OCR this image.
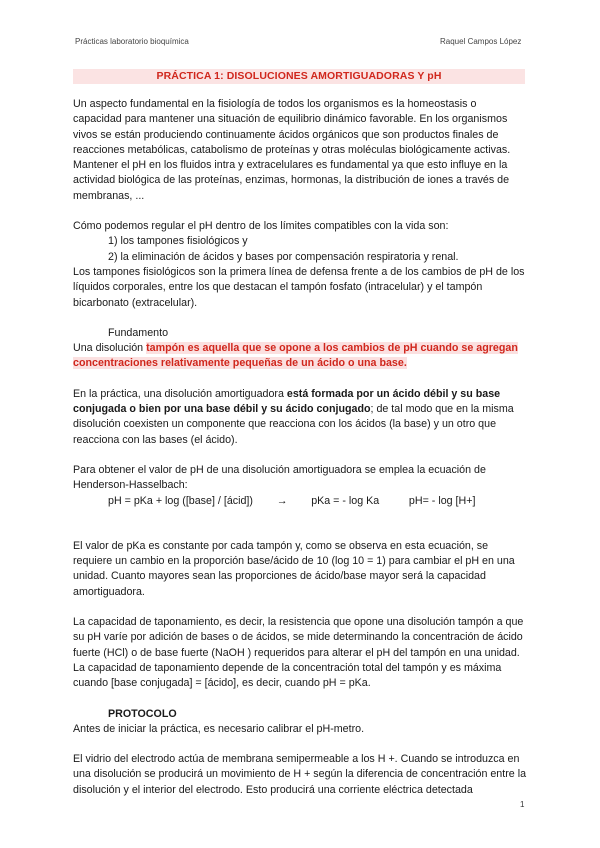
Prácticas laboratorio bioquímica	Raquel Campos López
PRÁCTICA 1: DISOLUCIONES AMORTIGUADORAS Y pH

Un aspecto fundamental en la fisiología de todos los organismos es la homeostasis o capacidad para mantener una situación de equilibrio dinámico favorable. En los organismos vivos se están produciendo continuamente ácidos orgánicos que son productos finales de reacciones metabólicas, catabolismo de proteínas y otras moléculas biológicamente activas. Mantener el pH en los fluidos intra y extracelulares es fundamental ya que esto influye en la actividad biológica de las proteínas, enzimas, hormonas, la distribución de iones a través de membranas, ...

Cómo podemos regular el pH dentro de los límites compatibles con la vida son:

1) los tampones fisiológicos y

2) la eliminación de ácidos y bases por compensación respiratoria y renal.

Los tampones fisiológicos son la primera línea de defensa frente a de los cambios de pH de los líquidos corporales, entre los que destacan el tampón fosfato (intracelular) y el tampón bicarbonato (extracelular).

Fundamento

Una disolución tampón es aquella que se opone a los cambios de pH cuando se agregan concentraciones relativamente pequeñas de un ácido o una base.

En la práctica, una disolución amortiguadora está formada por un ácido débil y su base conjugada o bien por una base débil y su ácido conjugado; de tal modo que en la misma disolución coexisten un componente que reacciona con los ácidos (la base) y un otro que reacciona con las bases (el ácido).

Para obtener el valor de pH de una disolución amortiguadora se emplea la ecuación de Henderson-Hasselbach:

pH = pKa + log ([base] / [ácid]) → pKa = - log Ka	pH= - log [H+]

El valor de pKa es constante por cada tampón y, como se observa en esta ecuación, se requiere un cambio en la proporción base/ácido de 10 (log 10 = 1) para cambiar el pH en una unidad. Cuanto mayores sean las proporciones de ácido/base mayor será la capacidad amortiguadora.

La capacidad de taponamiento, es decir, la resistencia que opone una disolución tampón a que su pH varíe por adición de bases o de ácidos, se mide determinando la concentración de ácido fuerte (HCl) o de base fuerte (NaOH ) requeridos para alterar el pH del tampón en una unidad. La capacidad de taponamiento depende de la concentración total del tampón y es máxima cuando [base conjugada] = [ácido], es decir, cuando pH = pKa.

PROTOCOLO

Antes de iniciar la práctica, es necesario calibrar el pH-metro.

El vidrio del electrodo actúa de membrana semipermeable a los H +. Cuando se introduzca en una disolución se producirá un movimiento de H + según la diferencia de concentración entre la disolución y el interior del electrodo. Esto producirá una corriente eléctrica detectada

1
